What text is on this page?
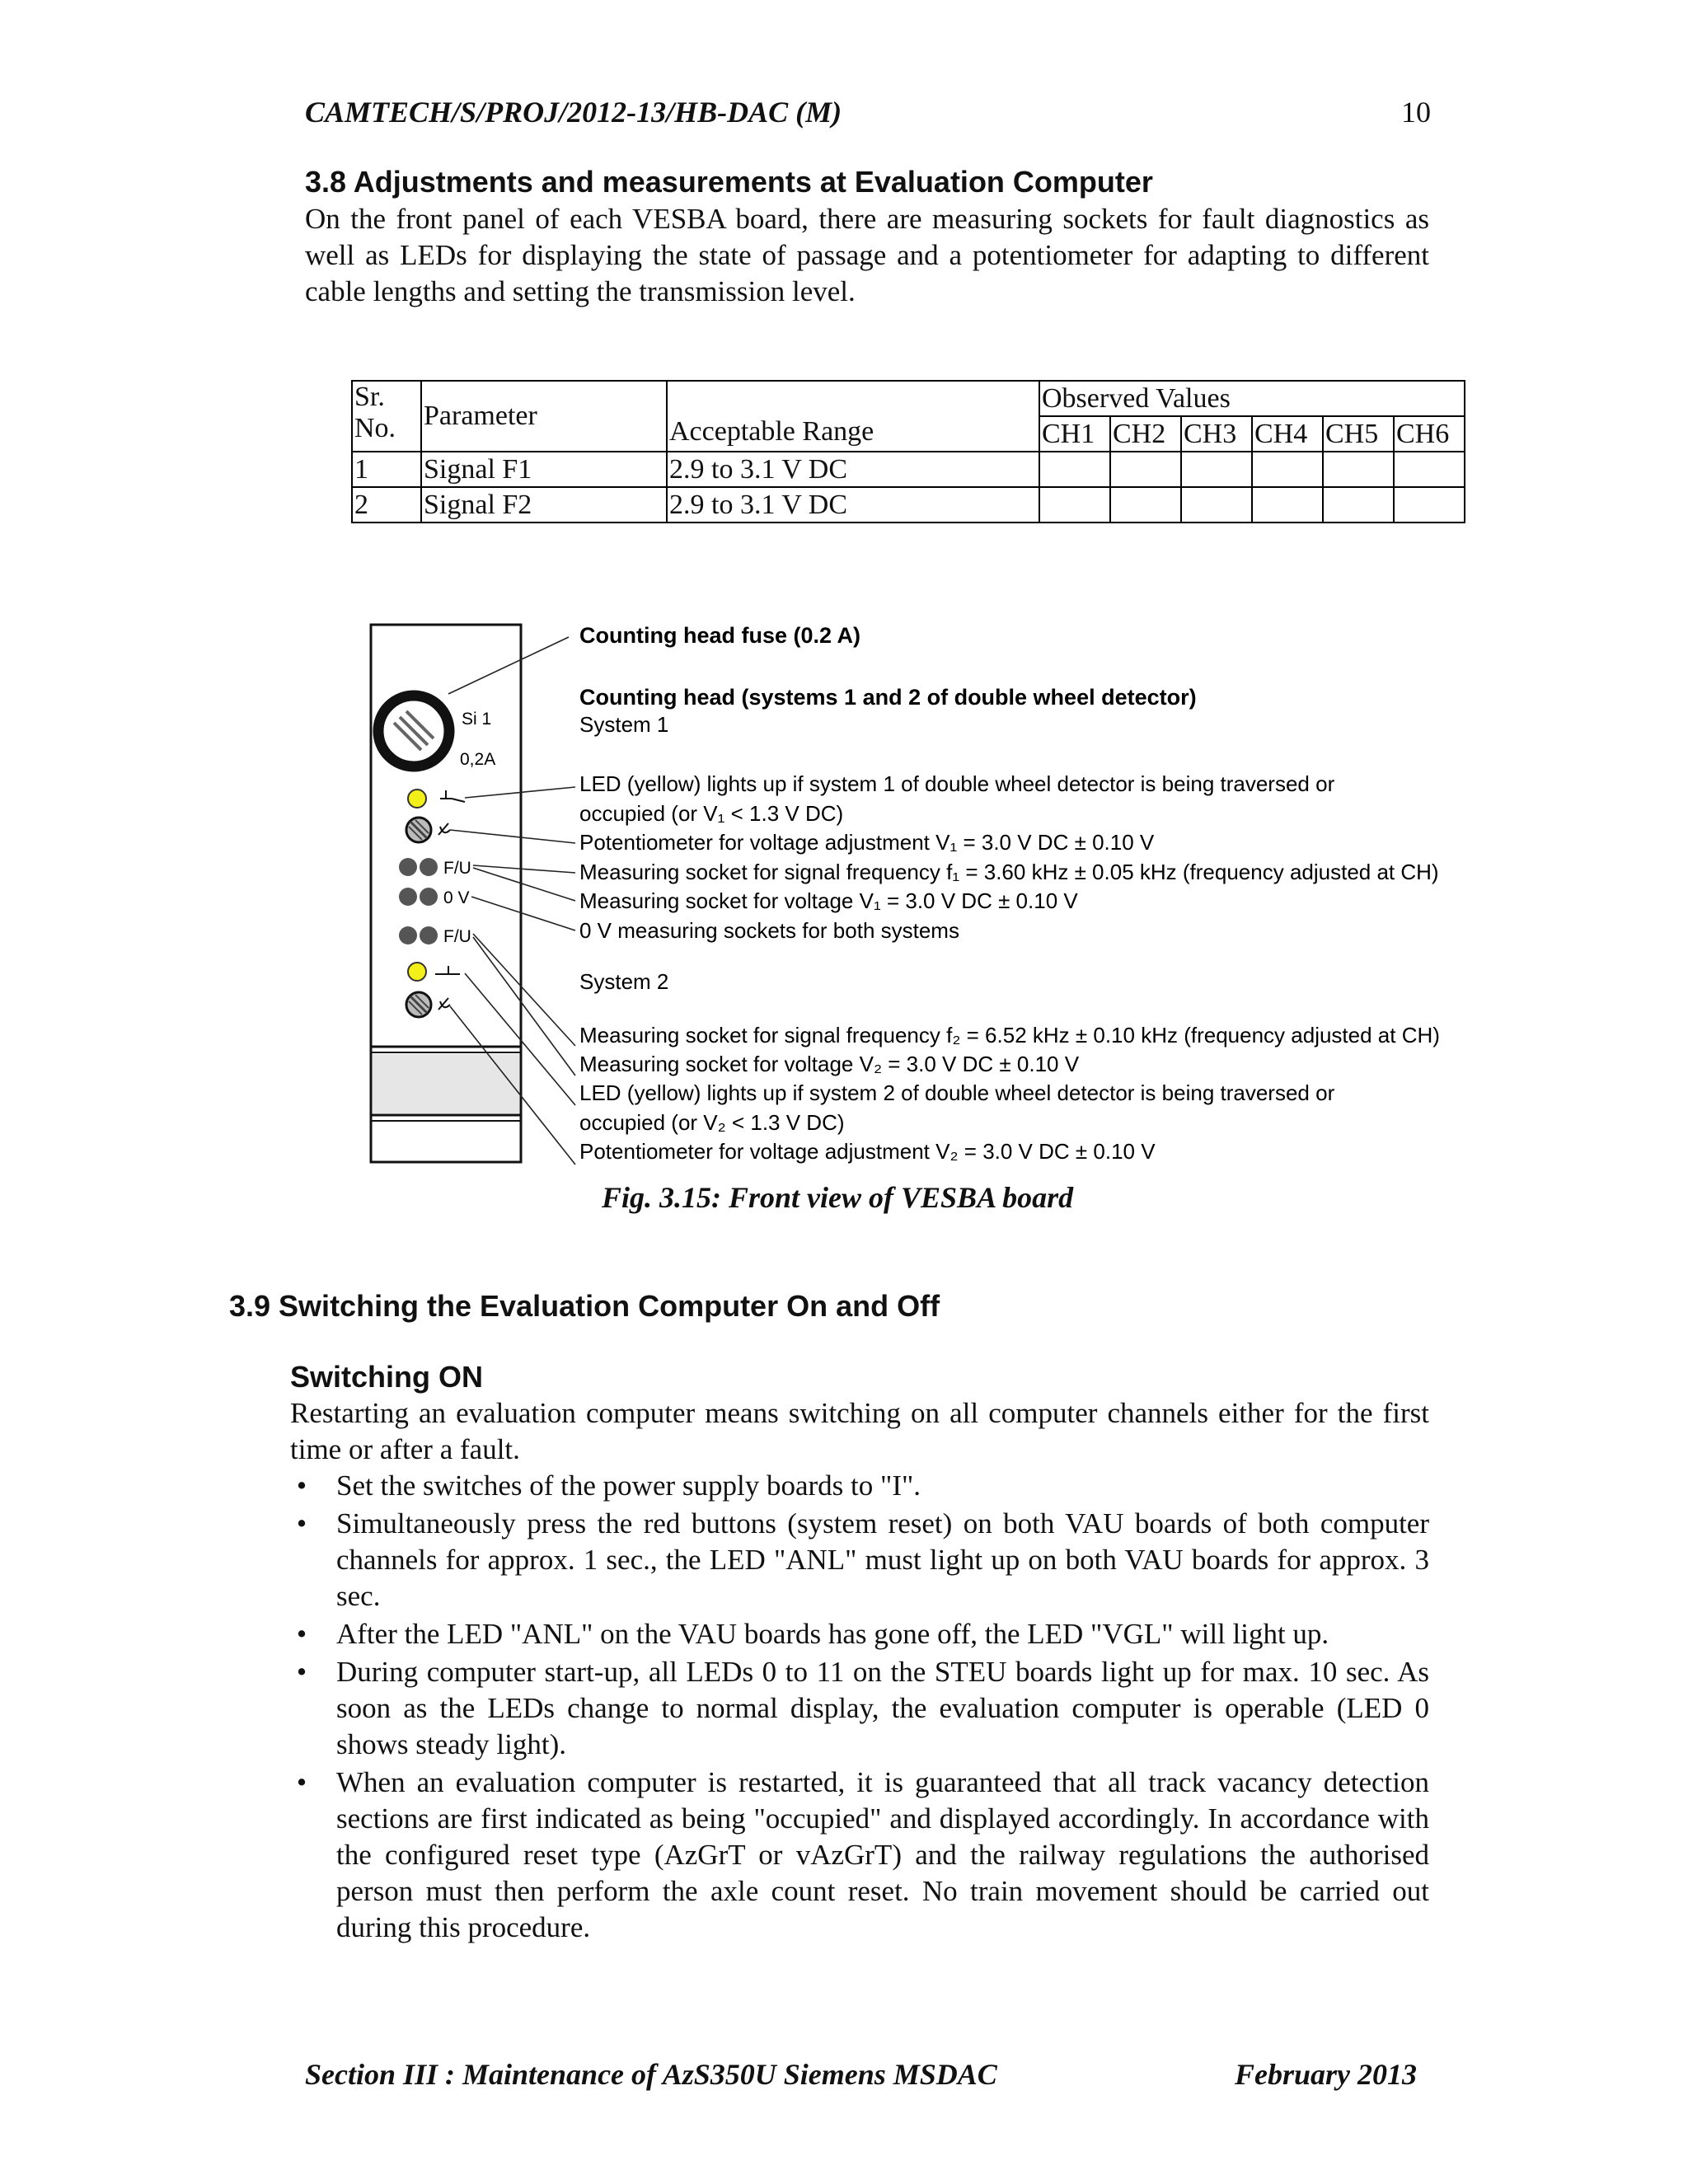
CAMTECH/S/PROJ/2012-13/HB-DAC (M)	10
3.8 Adjustments and measurements at Evaluation Computer
On the front panel of each VESBA board, there are measuring sockets for fault diagnostics as well as LEDs for displaying the state of passage and a potentiometer for adapting to different cable lengths and setting the transmission level.
Sr.
No.	Parameter	Acceptable Range	Observed Values					
			CH1	CH2	CH3	CH4	CH5	CH6
1	Signal F1	2.9 to 3.1 V DC						
2	Signal F2	2.9 to 3.1 V DC						
Si 1
0,2A
F/U
0 V
F/U
Counting head fuse (0.2 A)
Counting head (systems 1 and 2 of double wheel detector)
System 1
LED (yellow) lights up if system 1 of double wheel detector is being traversed or
occupied (or V₁ < 1.3 V DC)
Potentiometer for voltage adjustment V₁ = 3.0 V DC ± 0.10 V
Measuring socket for signal frequency f₁ = 3.60 kHz ± 0.05 kHz (frequency adjusted at CH)
Measuring socket for voltage V₁ = 3.0 V DC ± 0.10 V
0 V measuring sockets for both systems
System 2
Measuring socket for signal frequency f₂ = 6.52 kHz ± 0.10 kHz (frequency adjusted at CH)
Measuring socket for voltage V₂ = 3.0 V DC ± 0.10 V
LED (yellow) lights up if system 2 of double wheel detector is being traversed or
occupied (or V₂ < 1.3 V DC)
Potentiometer for voltage adjustment V₂ = 3.0 V DC ± 0.10 V
Fig. 3.15: Front view of VESBA board
3.9 Switching the Evaluation Computer On and Off
Switching ON
Restarting an evaluation computer means switching on all computer channels either for the first time or after a fault.
• Set the switches of the power supply boards to "I".
• Simultaneously press the red buttons (system reset) on both VAU boards of both computer channels for approx. 1 sec., the LED "ANL" must light up on both VAU boards for approx. 3 sec.
• After the LED "ANL" on the VAU boards has gone off, the LED "VGL" will light up.
• During computer start-up, all LEDs 0 to 11 on the STEU boards light up for max. 10 sec. As soon as the LEDs change to normal display, the evaluation computer is operable (LED 0 shows steady light).
• When an evaluation computer is restarted, it is guaranteed that all track vacancy detection sections are first indicated as being "occupied" and displayed accordingly. In accordance with the configured reset type (AzGrT or vAzGrT) and the railway regulations the authorised person must then perform the axle count reset. No train movement should be carried out during this procedure.
Section III : Maintenance of AzS350U Siemens MSDAC	February 2013
